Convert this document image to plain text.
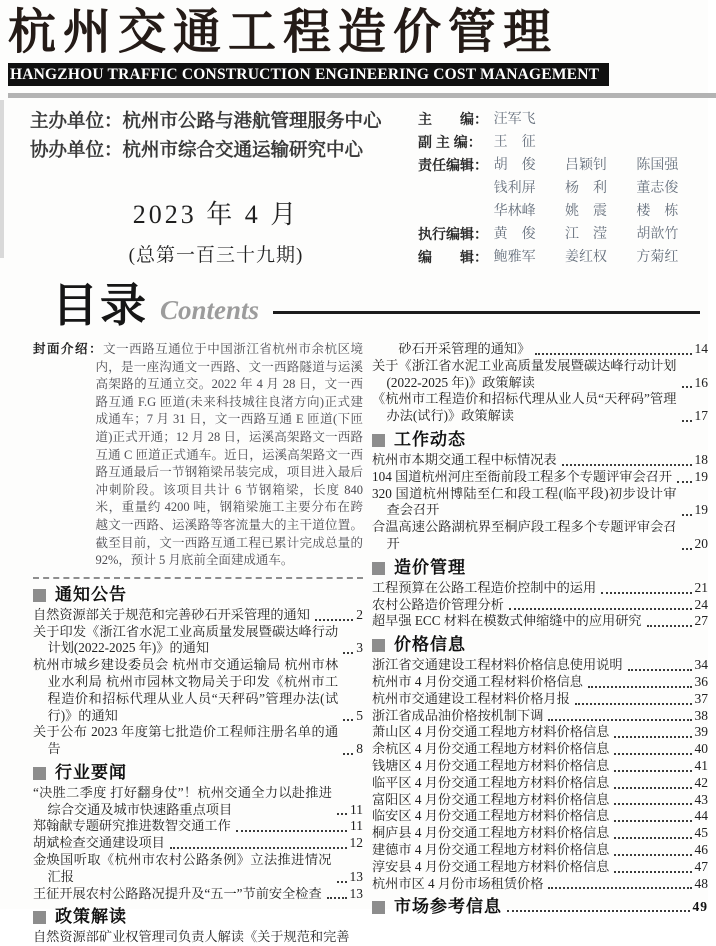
杭州交通工程造价管理
HANGZHOU TRAFFIC CONSTRUCTION ENGINEERING COST MANAGEMENT
主办单位：杭州市公路与港航管理服务中心
协办单位：杭州市综合交通运输研究中心
2023 年 4 月
(总第一百三十九期)
主　　编： 汪军飞
副 主 编： 王　征
责任编辑： 胡　俊	吕颖钊	陈国强
钱利屏	杨　利	董志俊
华林峰	姚　震	楼　栋
执行编辑： 黄　俊	江　滢	胡歆竹
编　　辑： 鲍雅军	姜红权	方菊红
目录 Contents
封面介绍：文一西路互通位于中国浙江省杭州市余杭区境内，是一座沟通文一西路、文一西路隧道与运溪高架路的互通立交。2022 年 4 月 28 日，文一西路互通 F.G 匝道(未来科技城往良渚方向)正式建成通车；7 月 31 日，文一西路互通 E 匝道(下匝道)正式开通；12 月 28 日，运溪高架路文一西路互通 C 匝道正式通车。近日，运溪高架路文一西路互通最后一节钢箱梁吊装完成，项目进入最后冲刺阶段。该项目共计 6 节钢箱梁，长度 840 米，重量约 4200 吨，钢箱梁施工主要分布在跨越文一西路、运溪路等客流量大的主干道位置。截至目前，文一西路互通工程已累计完成总量的 92%，预计 5 月底前全面建成通车。
通知公告
自然资源部关于规范和完善砂石开采管理的通知	2
关于印发《浙江省水泥工业高质量发展暨碳达峰行动计划(2022-2025 年)》的通知	3
杭州市城乡建设委员会 杭州市交通运输局 杭州市林业水利局 杭州市园林文物局关于印发《杭州市工程造价和招标代理从业人员“天秤码”管理办法(试行)》的通知	5
关于公布 2023 年度第七批造价工程师注册名单的通告	8
行业要闻
“决胜二季度 打好翻身仗”！杭州交通全力以赴推进综合交通及城市快速路重点项目	11
郑翰献专题研究推进数智交通工作	11
胡斌检查交通建设项目	12
金焕国听取《杭州市农村公路条例》立法推进情况汇报	13
王征开展农村公路路况提升及“五一”节前安全检查 13
政策解读
自然资源部矿业权管理司负责人解读《关于规范和完善
砂石开采管理的通知》	14
关于《浙江省水泥工业高质量发展暨碳达峰行动计划(2022-2025 年)》政策解读	16
《杭州市工程造价和招标代理从业人员“天秤码”管理办法(试行)》政策解读	17
工作动态
杭州市本期交通工程中标情况表	18
104 国道杭州河庄至衙前段工程多个专题评审会召开 19
320 国道杭州博陆至仁和段工程(临平段)初步设计审查会召开	19
合温高速公路湖杭界至桐庐段工程多个专题评审会召开	20
造价管理
工程预算在公路工程造价控制中的运用	21
农村公路造价管理分析	24
超早强 ECC 材料在模数式伸缩缝中的应用研究	27
价格信息
浙江省交通建设工程材料价格信息使用说明	34
杭州市 4 月份交通工程材料价格信息	36
杭州市交通建设工程材料价格月报	37
浙江省成品油价格按机制下调	38
萧山区 4 月份交通工程地方材料价格信息	39
余杭区 4 月份交通工程地方材料价格信息	40
钱塘区 4 月份交通工程地方材料价格信息	41
临平区 4 月份交通工程地方材料价格信息	42
富阳区 4 月份交通工程地方材料价格信息	43
临安区 4 月份交通工程地方材料价格信息	44
桐庐县 4 月份交通工程地方材料价格信息	45
建德市 4 月份交通工程地方材料价格信息	46
淳安县 4 月份交通工程地方材料价格信息	47
杭州市区 4 月份市场租赁价格	48
市场参考信息	49
